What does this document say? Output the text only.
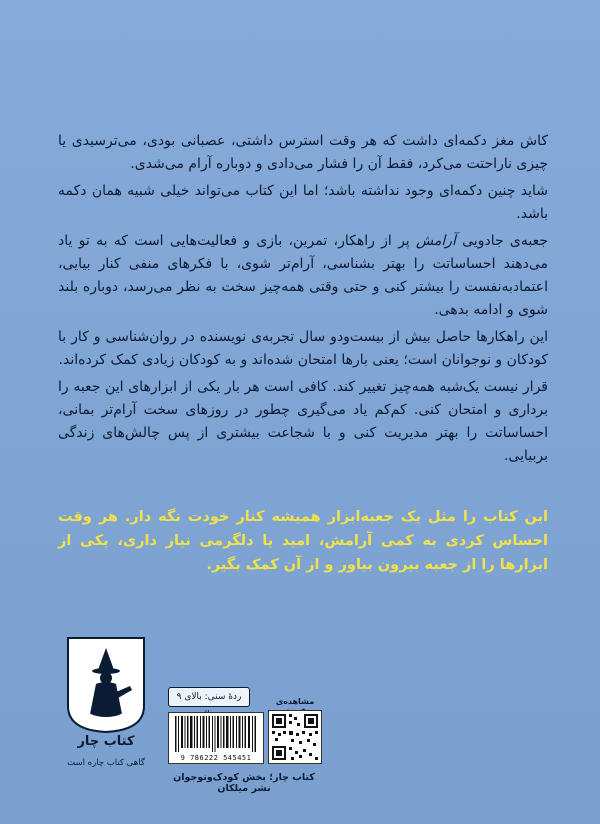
کاش مغز دکمه‌ای داشت که هر وقت استرس داشتی، عصبانی بودی، می‌ترسیدی یا چیزی ناراحتت می‌کرد، فقط آن را فشار می‌دادی و دوباره آرام می‌شدی.

شاید چنین دکمه‌ای وجود نداشته باشد؛ اما این کتاب می‌تواند خیلی شبیه همان دکمه باشد.

جعبه‌ی جادویی آرامش پر از راهکار، تمرین، بازی و فعالیت‌هایی است که به تو یاد می‌دهند احساساتت را بهتر بشناسی، آرام‌تر شوی، با فکرهای منفی کنار بیایی، اعتمادبه‌نفست را بیشتر کنی و حتی وقتی همه‌چیز سخت به نظر می‌رسد، دوباره بلند شوی و ادامه بدهی.

این راهکارها حاصل بیش از بیست‌ودو سال تجربه‌ی نویسنده در روان‌شناسی و کار با کودکان و نوجوانان است؛ یعنی بارها امتحان شده‌اند و به کودکان زیادی کمک کرده‌اند.

قرار نیست یک‌شبه همه‌چیز تغییر کند. کافی است هر بار یکی از ابزارهای این جعبه را برداری و امتحان کنی. کم‌کم یاد می‌گیری چطور در روزهای سخت آرام‌تر بمانی، احساساتت را بهتر مدیریت کنی و با شجاعت بیشتری از پس چالش‌های زندگی بربیایی.

این کتاب را مثل یک جعبه‌ابزار همیشه کنار خودت نگه دار. هر وقت احساس کردی به کمی آرامش، امید یا دلگرمی نیاز داری، یکی از ابزارها را از جعبه بیرون بیاور و از آن کمک بگیر.

کتاب چار
گاهی کتاب چاره است
ردهٔ سنی: بالای ۹
9 786222 545451
مشاهده‌ی
کتاب چار؛ بخش کودک‌ونوجوان نشر میلکان
